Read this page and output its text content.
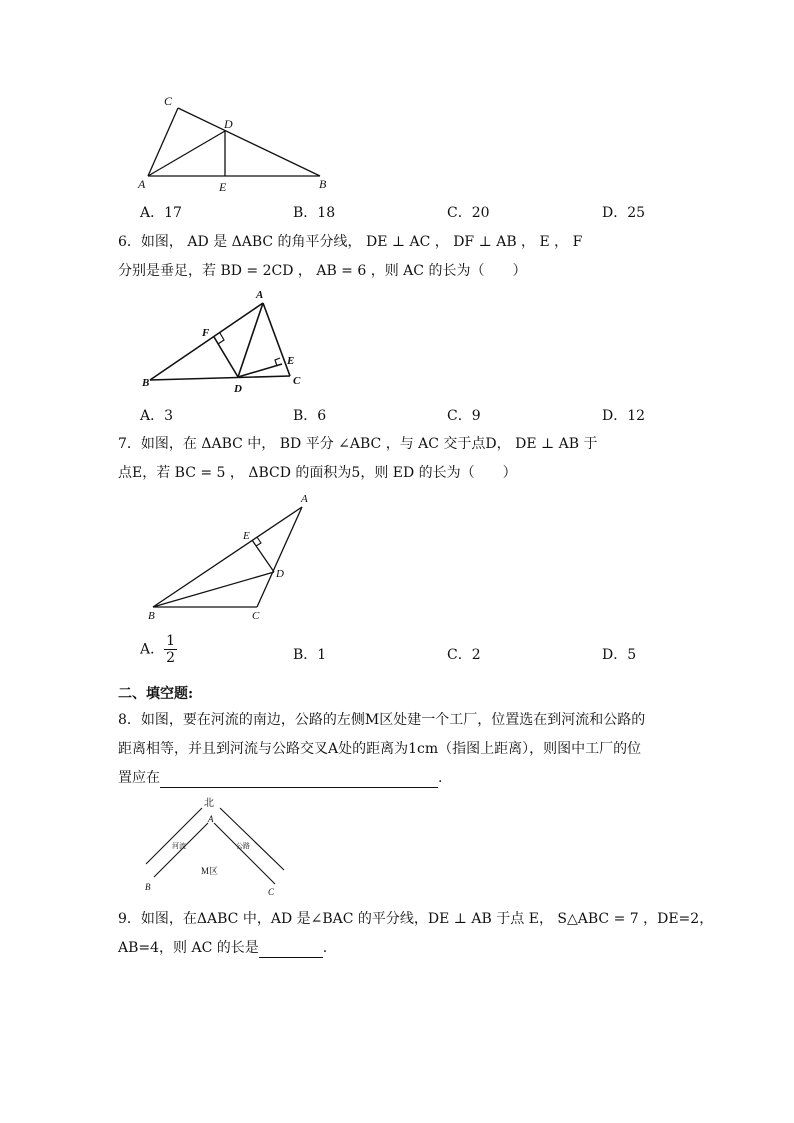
C
D
A	E	B
A．17	B．18	C．20	D．25
6．如图， AD 是 ΔABC 的角平分线， DE ⊥ AC ， DF ⊥ AB ， E ， F
分别是垂足，若 BD = 2CD ， AB = 6 ，则 AC 的长为（　　）
A
F
E
B	D
C
A．3	B．6	C．9	D．12
7．如图，在 ΔABC 中， BD 平分 ∠ABC ，与 AC 交于点D， DE ⊥ AB 于
点E，若 BC = 5 ， ΔBCD 的面积为5，则 ED 的长为（　　）
A
E
D
B	C
A． $\frac{1}{2}$	B．1	C．2	D．5
二、填空题:
8．如图，要在河流的南边，公路的左侧M区处建一个工厂，位置选在到河流和公路的
距离相等，并且到河流与公路交叉A处的距离为1cm（指图上距离），则图中工厂的位
置应在	.
北
A
河流	公路
M区
B	C
9．如图，在ΔABC 中，AD 是∠BAC 的平分线，DE ⊥ AB 于点 E， S△ABC = 7 ，DE=2，
AB=4，则 AC 的长是	.
